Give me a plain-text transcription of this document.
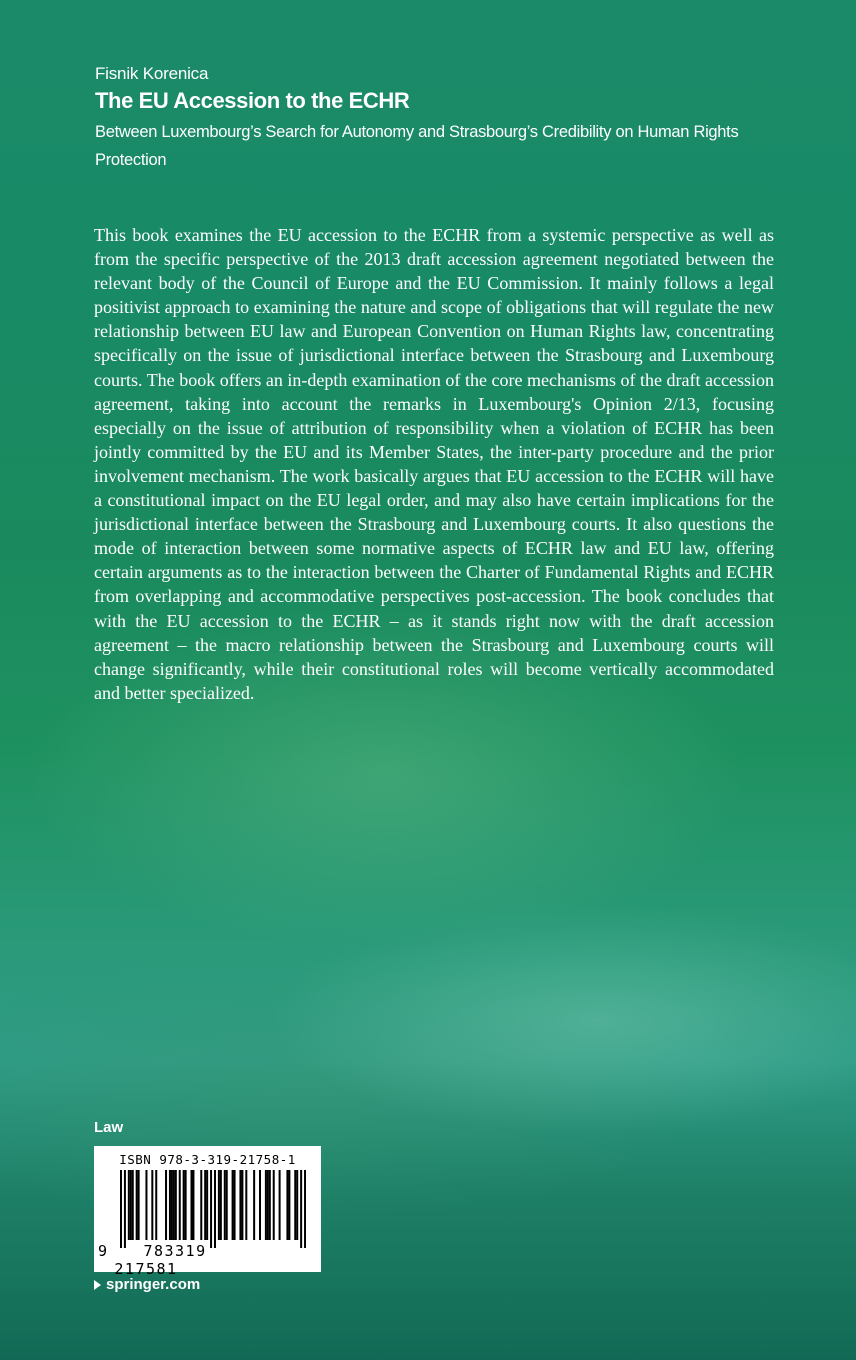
Fisnik Korenica
The EU Accession to the ECHR
Between Luxembourg’s Search for Autonomy and Strasbourg’s Credibility on Human Rights Protection
This book examines the EU accession to the ECHR from a systemic perspective as well as from the specific perspective of the 2013 draft accession agreement negotiated between the relevant body of the Council of Europe and the EU Commission. It mainly follows a legal positivist approach to examining the nature and scope of obligations that will regulate the new relationship between EU law and European Convention on Human Rights law, concentrating specifically on the issue of jurisdictional interface between the Strasbourg and Luxembourg courts. The book offers an in-depth examination of the core mechanisms of the draft accession agreement, taking into account the remarks in Luxembourg's Opinion 2/13, focusing especially on the issue of attribution of responsibility when a violation of ECHR has been jointly committed by the EU and its Member States, the inter-party procedure and the prior involvement mechanism. The work basically argues that EU accession to the ECHR will have a constitutional impact on the EU legal order, and may also have certain implications for the jurisdictional interface between the Strasbourg and Luxembourg courts. It also questions the mode of interaction between some normative aspects of ECHR law and EU law, offering certain arguments as to the interaction between the Charter of Fundamental Rights and ECHR from overlapping and accommodative perspectives post-accession. The book concludes that with the EU accession to the ECHR – as it stands right now with the draft accession agreement – the macro relationship between the Strasbourg and Luxembourg courts will change significantly, while their constitutional roles will become vertically accommodated and better specialized.
Law
ISBN 978-3-319-21758-1
9 783319 217581
springer.com
